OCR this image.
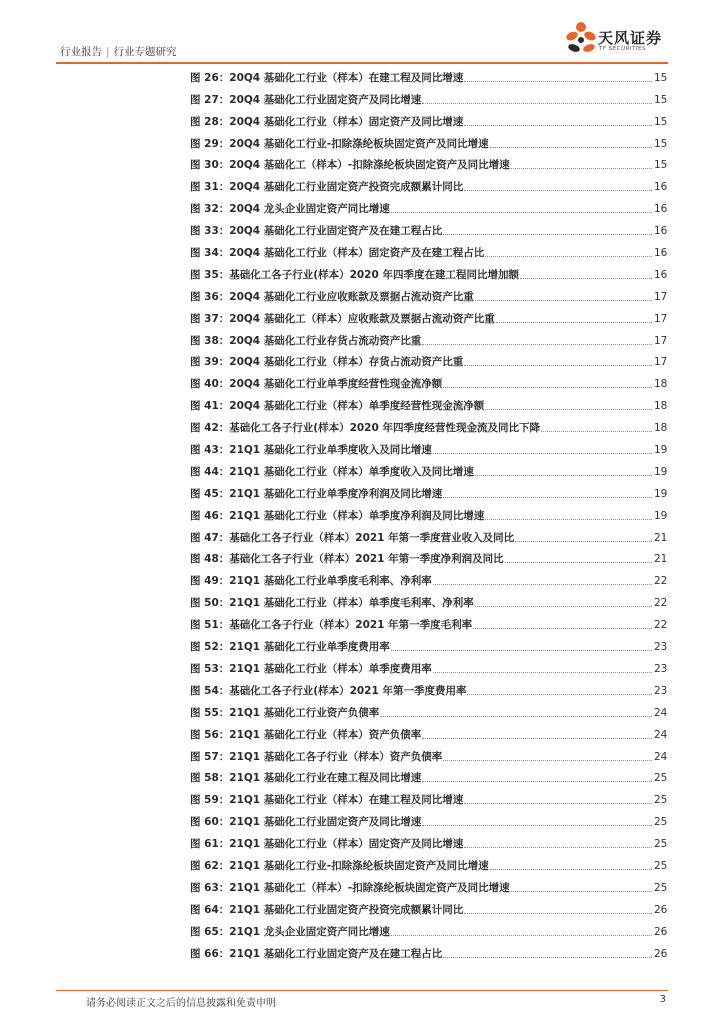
行业报告 | 行业专题研究
天风证券
TF SECURITIES
图 26：20Q4 基础化工行业（样本）在建工程及同比增速	15
图 27：20Q4 基础化工行业固定资产及同比增速	15
图 28：20Q4 基础化工行业（样本）固定资产及同比增速	15
图 29：20Q4 基础化工行业-扣除涤纶板块固定资产及同比增速	15
图 30：20Q4 基础化工（样本）-扣除涤纶板块固定资产及同比增速	15
图 31：20Q4 基础化工行业固定资产投资完成额累计同比	16
图 32：20Q4 龙头企业固定资产同比增速	16
图 33：20Q4 基础化工行业固定资产及在建工程占比	16
图 34：20Q4 基础化工行业（样本）固定资产及在建工程占比	16
图 35：基础化工各子行业(样本）2020 年四季度在建工程同比增加额	16
图 36：20Q4 基础化工行业应收账款及票据占流动资产比重	17
图 37：20Q4 基础化工（样本）应收账款及票据占流动资产比重	17
图 38：20Q4 基础化工行业存货占流动资产比重	17
图 39：20Q4 基础化工行业（样本）存货占流动资产比重	17
图 40：20Q4 基础化工行业单季度经营性现金流净额	18
图 41：20Q4 基础化工行业（样本）单季度经营性现金流净额	18
图 42：基础化工各子行业(样本）2020 年四季度经营性现金流及同比下降	18
图 43：21Q1 基础化工行业单季度收入及同比增速	19
图 44：21Q1 基础化工行业（样本）单季度收入及同比增速	19
图 45：21Q1 基础化工行业单季度净利润及同比增速	19
图 46：21Q1 基础化工行业（样本）单季度净利润及同比增速	19
图 47：基础化工各子行业（样本）2021 年第一季度营业收入及同比	21
图 48：基础化工各子行业（样本）2021 年第一季度净利润及同比	21
图 49：21Q1 基础化工行业单季度毛利率、净利率	22
图 50：21Q1 基础化工行业（样本）单季度毛利率、净利率	22
图 51：基础化工各子行业（样本）2021 年第一季度毛利率	22
图 52：21Q1 基础化工行业单季度费用率	23
图 53：21Q1 基础化工行业（样本）单季度费用率	23
图 54：基础化工各子行业(样本）2021 年第一季度费用率	23
图 55：21Q1 基础化工行业资产负债率	24
图 56：21Q1 基础化工行业（样本）资产负债率	24
图 57：21Q1 基础化工各子行业（样本）资产负债率	24
图 58：21Q1 基础化工行业在建工程及同比增速	25
图 59：21Q1 基础化工行业（样本）在建工程及同比增速	25
图 60：21Q1 基础化工行业固定资产及同比增速	25
图 61：21Q1 基础化工行业（样本）固定资产及同比增速	25
图 62：21Q1 基础化工行业-扣除涤纶板块固定资产及同比增速	25
图 63：21Q1 基础化工（样本）-扣除涤纶板块固定资产及同比增速	25
图 64：21Q1 基础化工行业固定资产投资完成额累计同比	26
图 65：21Q1 龙头企业固定资产同比增速	26
图 66：21Q1 基础化工行业固定资产及在建工程占比	26
请务必阅读正文之后的信息披露和免责申明	3
